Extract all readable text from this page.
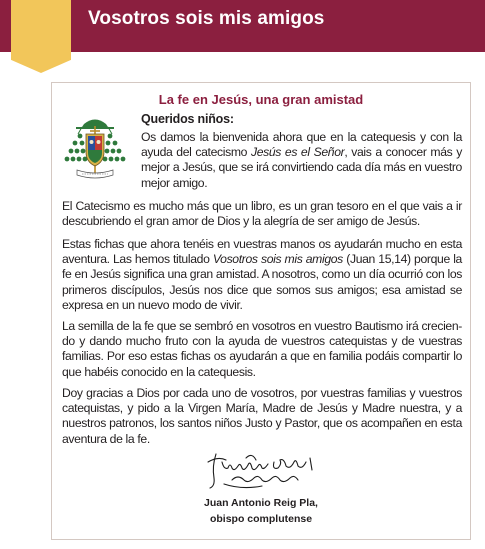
Vosotros sois mis amigos
La fe en Jesús, una gran amistad
Queridos niños:
Os damos la bienvenida ahora que en la catequesis y con la ayuda del catecismo Jesús es el Señor, vais a conocer más y mejor a Jesús, que se irá convirtiendo cada día más en vuestro mejor amigo.
El Catecismo es mucho más que un libro, es un gran tesoro en el que vais a ir descubriendo el gran amor de Dios y la alegría de ser amigo de Jesús.
Estas fichas que ahora tenéis en vuestras manos os ayudarán mucho en esta aventura. Las hemos titulado Vosotros sois mis amigos (Juan 15,14) porque la fe en Jesús significa una gran amistad. A nosotros, como un día ocurrió con los primeros discípulos, Jesús nos dice que somos sus amigos; esa amistad se expresa en un nuevo modo de vivir.
La semilla de la fe que se sembró en vosotros en vuestro Bautismo irá crecien-do y dando mucho fruto con la ayuda de vuestros catequistas y de vuestras familias. Por eso estas fichas os ayudarán a que en familia podáis compartir lo que habéis conocido en la catequesis.
Doy gracias a Dios por cada uno de vosotros, por vuestras familias y vuestros catequistas, y pido a la Virgen María, Madre de Jesús y Madre nuestra, y a nuestros patronos, los santos niños Justo y Pastor, que os acompañen en esta aventura de la fe.
Juan Antonio Reig Pla,
obispo complutense
